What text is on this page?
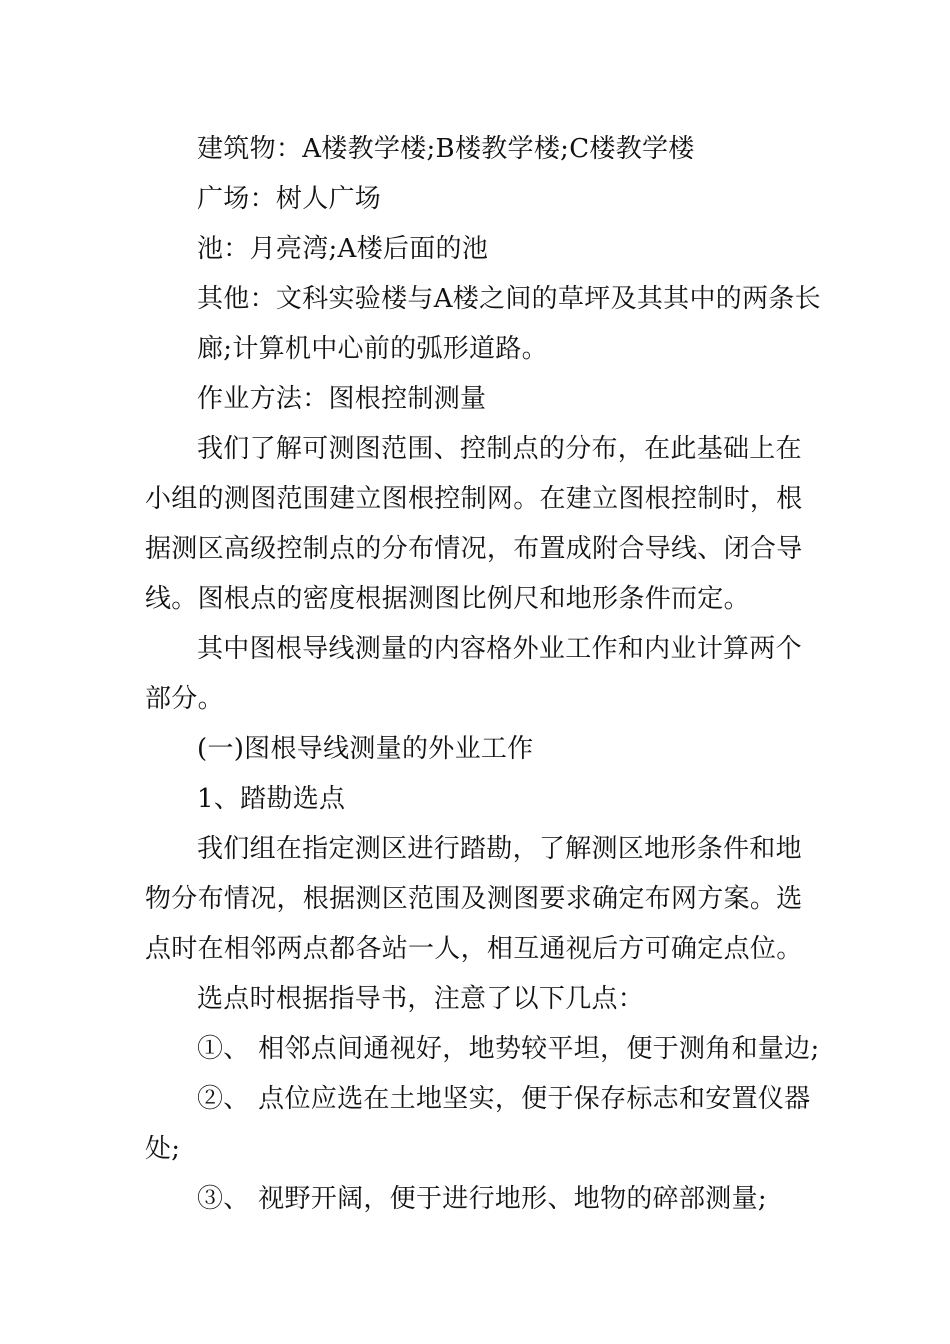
建筑物：A楼教学楼;B楼教学楼;C楼教学楼
广场：树人广场
池：月亮湾;A楼后面的池
其他：文科实验楼与A楼之间的草坪及其其中的两条长
廊;计算机中心前的弧形道路。
作业方法：图根控制测量
我们了解可测图范围、控制点的分布，在此基础上在
小组的测图范围建立图根控制网。在建立图根控制时，根
据测区高级控制点的分布情况，布置成附合导线、闭合导
线。图根点的密度根据测图比例尺和地形条件而定。
其中图根导线测量的内容格外业工作和内业计算两个
部分。
(一)图根导线测量的外业工作
1、踏勘选点
我们组在指定测区进行踏勘，了解测区地形条件和地
物分布情况，根据测区范围及测图要求确定布网方案。选
点时在相邻两点都各站一人，相互通视后方可确定点位。
选点时根据指导书，注意了以下几点：
①、 相邻点间通视好，地势较平坦，便于测角和量边;
②、 点位应选在土地坚实，便于保存标志和安置仪器
处;
③、 视野开阔，便于进行地形、地物的碎部测量;
